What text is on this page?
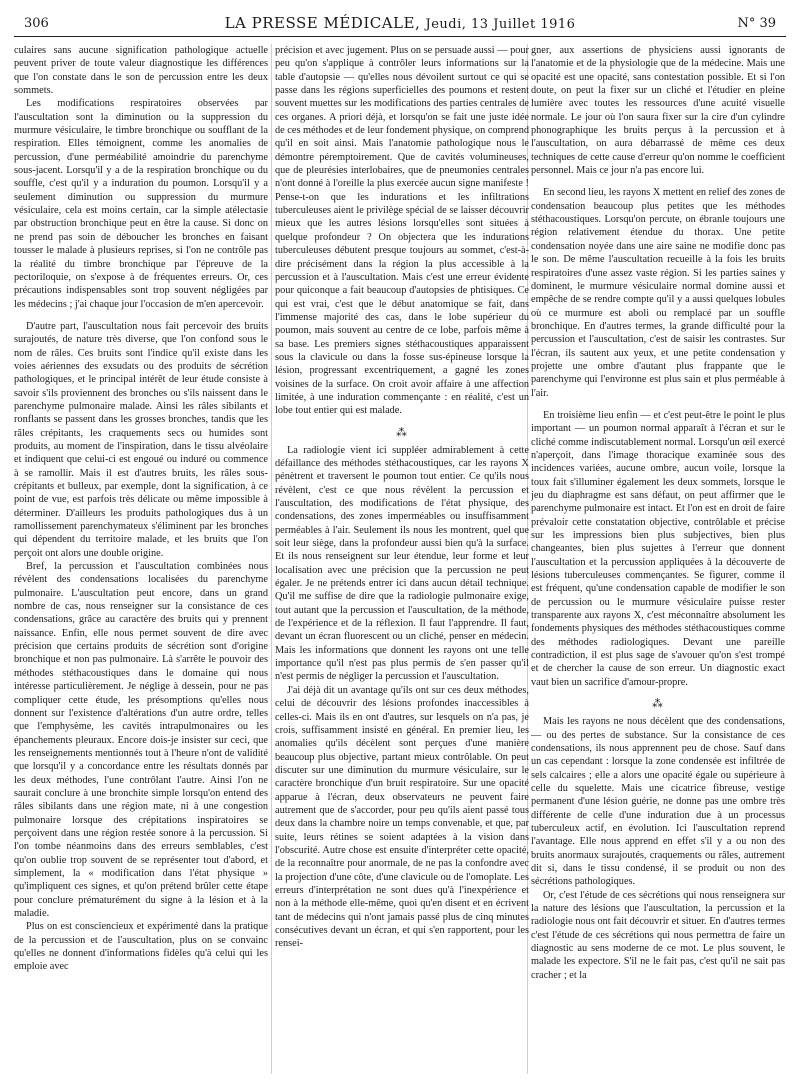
306	LA PRESSE MÉDICALE, Jeudi, 13 Juillet 1916	N° 39

culaires sans aucune signification pathologique actuelle peuvent priver de toute valeur diagnostique les différences que l'on constate dans le son de percussion entre les deux sommets.

Les modifications respiratoires observées par l'auscultation sont la diminution ou la suppression du murmure vésiculaire, le timbre bronchique ou soufflant de la respiration. Elles témoignent, comme les anomalies de percussion, d'une perméabilité amoindrie du parenchyme sous-jacent. Lorsqu'il y a de la respiration bronchique ou du souffle, c'est qu'il y a induration du poumon. Lorsqu'il y a seulement diminution ou suppression du murmure vésiculaire, cela est moins certain, car la simple atélectasie par obstruction bronchique peut en être la cause. Si donc on ne prend pas soin de déboucher les bronches en faisant tousser le malade à plusieurs reprises, si l'on ne contrôle pas la réalité du timbre bronchique par l'épreuve de la pectoriloquie, on s'expose à de fréquentes erreurs. Or, ces précautions indispensables sont trop souvent négligées par les médecins ; j'ai chaque jour l'occasion de m'en apercevoir.

D'autre part, l'auscultation nous fait percevoir des bruits surajoutés, de nature très diverse, que l'on confond sous le nom de râles. Ces bruits sont l'indice qu'il existe dans les voies aériennes des exsudats ou des produits de sécrétion pathologiques, et le principal intérêt de leur étude consiste à savoir s'ils proviennent des bronches ou s'ils naissent dans le parenchyme pulmonaire malade. Ainsi les râles sibilants et ronflants se passent dans les grosses bronches, tandis que les râles crépitants, les craquements secs ou humides sont produits, au moment de l'inspiration, dans le tissu alvéolaire et indiquent que celui-ci est engoué ou induré ou commence à se ramollir. Mais il est d'autres bruits, les râles sous-crépitants et bulleux, par exemple, dont la signification, à ce point de vue, est parfois très délicate ou même impossible à déterminer. D'ailleurs les produits pathologiques dus à un ramollissement parenchymateux s'éliminent par les bronches qui dépendent du territoire malade, et les bruits que l'on perçoit ont alors une double origine.

Bref, la percussion et l'auscultation combinées nous révèlent des condensations localisées du parenchyme pulmonaire. L'auscultation peut encore, dans un grand nombre de cas, nous renseigner sur la consistance de ces condensations, grâce au caractère des bruits qui y prennent naissance. Enfin, elle nous permet souvent de dire avec précision que certains produits de sécrétion sont d'origine bronchique et non pas pulmonaire. Là s'arrête le pouvoir des méthodes stéthacoustiques dans le domaine qui nous intéresse particulièrement. Je néglige à dessein, pour ne pas compliquer cette étude, les présomptions qu'elles nous donnent sur l'existence d'altérations d'un autre ordre, telles que l'emphysème, les cavités intrapulmonaires ou les épanchements pleuraux. Encore dois-je insister sur ceci, que les renseignements mentionnés tout à l'heure n'ont de validité que lorsqu'il y a concordance entre les résultats donnés par les deux méthodes, l'une contrôlant l'autre. Ainsi l'on ne saurait conclure à une bronchite simple lorsqu'on entend des râles sibilants dans une région mate, ni à une congestion pulmonaire lorsque des crépitations inspiratoires se perçoivent dans une région restée sonore à la percussion. Si l'on tombe néanmoins dans des erreurs semblables, c'est qu'on oublie trop souvent de se représenter tout d'abord, et simplement, la « modification dans l'état physique » qu'impliquent ces signes, et qu'on prétend brûler cette étape pour conclure prématurément du signe à la lésion et à la maladie.

Plus on est consciencieux et expérimenté dans la pratique de la percussion et de l'auscultation, plus on se convainc qu'elles ne donnent d'informations fidèles qu'à celui qui les emploie avec

précision et avec jugement. Plus on se persuade aussi — pour peu qu'on s'applique à contrôler leurs informations sur la table d'autopsie — qu'elles nous dévoilent surtout ce qui se passe dans les régions superficielles des poumons et restent souvent muettes sur les modifications des parties centrales de ces organes. A priori déjà, et lorsqu'on se fait une juste idée de ces méthodes et de leur fondement physique, on comprend qu'il en soit ainsi. Mais l'anatomie pathologique nous le démontre péremptoirement. Que de cavités volumineuses, que de pleurésies interlobaires, que de pneumonies centrales n'ont donné à l'oreille la plus exercée aucun signe manifeste ! Pense-t-on que les indurations et les infiltrations tuberculeuses aient le privilège spécial de se laisser découvrir mieux que les autres lésions lorsqu'elles sont situées à quelque profondeur ? On objectera que les indurations tuberculeuses débutent presque toujours au sommet, c'est-à-dire précisément dans la région la plus accessible à la percussion et à l'auscultation. Mais c'est une erreur évidente pour quiconque a fait beaucoup d'autopsies de phtisiques. Ce qui est vrai, c'est que le début anatomique se fait, dans l'immense majorité des cas, dans le lobe supérieur du poumon, mais souvent au centre de ce lobe, parfois même à sa base. Les premiers signes stéthacoustiques apparaissent sous la clavicule ou dans la fosse sus-épineuse lorsque la lésion, progressant excentriquement, a gagné les zones voisines de la surface. On croit avoir affaire à une affection limitée, à une induration commençante : en réalité, c'est un lobe tout entier qui est malade.

⁂

La radiologie vient ici suppléer admirablement à cette défaillance des méthodes stéthacoustiques, car les rayons X pénètrent et traversent le poumon tout entier. Ce qu'ils nous révèlent, c'est ce que nous révèlent la percussion et l'auscultation, des modifications de l'état physique, des condensations, des zones imperméables ou insuffisamment perméables à l'air. Seulement ils nous les montrent, quel que soit leur siège, dans la profondeur aussi bien qu'à la surface. Et ils nous renseignent sur leur étendue, leur forme et leur localisation avec une précision que la percussion ne peut égaler. Je ne prétends entrer ici dans aucun détail technique. Qu'il me suffise de dire que la radiologie pulmonaire exige, tout autant que la percussion et l'auscultation, de la méthode, de l'expérience et de la réflexion. Il faut l'apprendre. Il faut, devant un écran fluorescent ou un cliché, penser en médecin. Mais les informations que donnent les rayons ont une telle importance qu'il n'est pas plus permis de s'en passer qu'il n'est permis de négliger la percussion et l'auscultation.

J'ai déjà dit un avantage qu'ils ont sur ces deux méthodes, celui de découvrir des lésions profondes inaccessibles à celles-ci. Mais ils en ont d'autres, sur lesquels on n'a pas, je crois, suffisamment insisté en général. En premier lieu, les anomalies qu'ils décèlent sont perçues d'une manière beaucoup plus objective, partant mieux contrôlable. On peut discuter sur une diminution du murmure vésiculaire, sur le caractère bronchique d'un bruit respiratoire. Sur une opacité apparue à l'écran, deux observateurs ne peuvent faire autrement que de s'accorder, pour peu qu'ils aient passé tous deux dans la chambre noire un temps convenable, et que, par suite, leurs rétines se soient adaptées à la vision dans l'obscurité. Autre chose est ensuite d'interpréter cette opacité, de la reconnaître pour anormale, de ne pas la confondre avec la projection d'une côte, d'une clavicule ou de l'omoplate. Les erreurs d'interprétation ne sont dues qu'à l'inexpérience et non à la méthode elle-même, quoi qu'en disent et en écrivent tant de médecins qui n'ont jamais passé plus de cinq minutes consécutives devant un écran, et qui s'en rapportent, pour les rensei-

gner, aux assertions de physiciens aussi ignorants de l'anatomie et de la physiologie que de la médecine. Mais une opacité est une opacité, sans contestation possible. Et si l'on doute, on peut la fixer sur un cliché et l'étudier en pleine lumière avec toutes les ressources d'une acuité visuelle normale. Le jour où l'on saura fixer sur la cire d'un cylindre phonographique les bruits perçus à la percussion et à l'auscultation, on aura débarrassé de même ces deux techniques de cette cause d'erreur qu'on nomme le coefficient personnel. Mais ce jour n'a pas encore lui.

En second lieu, les rayons X mettent en relief des zones de condensation beaucoup plus petites que les méthodes stéthacoustiques. Lorsqu'on percute, on ébranle toujours une région relativement étendue du thorax. Une petite condensation noyée dans une aire saine ne modifie donc pas le son. De même l'auscultation recueille à la fois les bruits respiratoires d'une assez vaste région. Si les parties saines y dominent, le murmure vésiculaire normal domine aussi et empêche de se rendre compte qu'il y a aussi quelques lobules où ce murmure est aboli ou remplacé par un souffle bronchique. En d'autres termes, la grande difficulté pour la percussion et l'auscultation, c'est de saisir les contrastes. Sur l'écran, ils sautent aux yeux, et une petite condensation y projette une ombre d'autant plus frappante que le parenchyme qui l'environne est plus sain et plus perméable à l'air.

En troisième lieu enfin — et c'est peut-être le point le plus important — un poumon normal apparaît à l'écran et sur le cliché comme indiscutablement normal. Lorsqu'un œil exercé n'aperçoit, dans l'image thoracique examinée sous des incidences variées, aucune ombre, aucun voile, lorsque la toux fait s'illuminer également les deux sommets, lorsque le jeu du diaphragme est sans défaut, on peut affirmer que le parenchyme pulmonaire est intact. Et l'on est en droit de faire prévaloir cette constatation objective, contrôlable et précise sur les impressions bien plus subjectives, bien plus changeantes, bien plus sujettes à l'erreur que donnent l'auscultation et la percussion appliquées à la découverte de lésions tuberculeuses commençantes. Se figurer, comme il est fréquent, qu'une condensation capable de modifier le son de percussion ou le murmure vésiculaire puisse rester transparente aux rayons X, c'est méconnaître absolument les fondements physiques des méthodes stéthacoustiques comme des méthodes radiologiques. Devant une pareille contradiction, il est plus sage de s'avouer qu'on s'est trompé et de chercher la cause de son erreur. Un diagnostic exact vaut bien un sacrifice d'amour-propre.

⁂

Mais les rayons ne nous décèlent que des condensations, — ou des pertes de substance. Sur la consistance de ces condensations, ils nous apprennent peu de chose. Sauf dans un cas cependant : lorsque la zone condensée est infiltrée de sels calcaires ; elle a alors une opacité égale ou supérieure à celle du squelette. Mais une cicatrice fibreuse, vestige permanent d'une lésion guérie, ne donne pas une ombre très différente de celle d'une induration due à un processus tuberculeux actif, en évolution. Ici l'auscultation reprend l'avantage. Elle nous apprend en effet s'il y a ou non des bruits anormaux surajoutés, craquements ou râles, autrement dit si, dans le tissu condensé, il se produit ou non des sécrétions pathologiques.

Or, c'est l'étude de ces sécrétions qui nous renseignera sur la nature des lésions que l'auscultation, la percussion et la radiologie nous ont fait découvrir et situer. En d'autres termes c'est l'étude de ces sécrétions qui nous permettra de faire un diagnostic au sens moderne de ce mot. Le plus souvent, le malade les expectore. S'il ne le fait pas, c'est qu'il ne sait pas cracher ; et la
